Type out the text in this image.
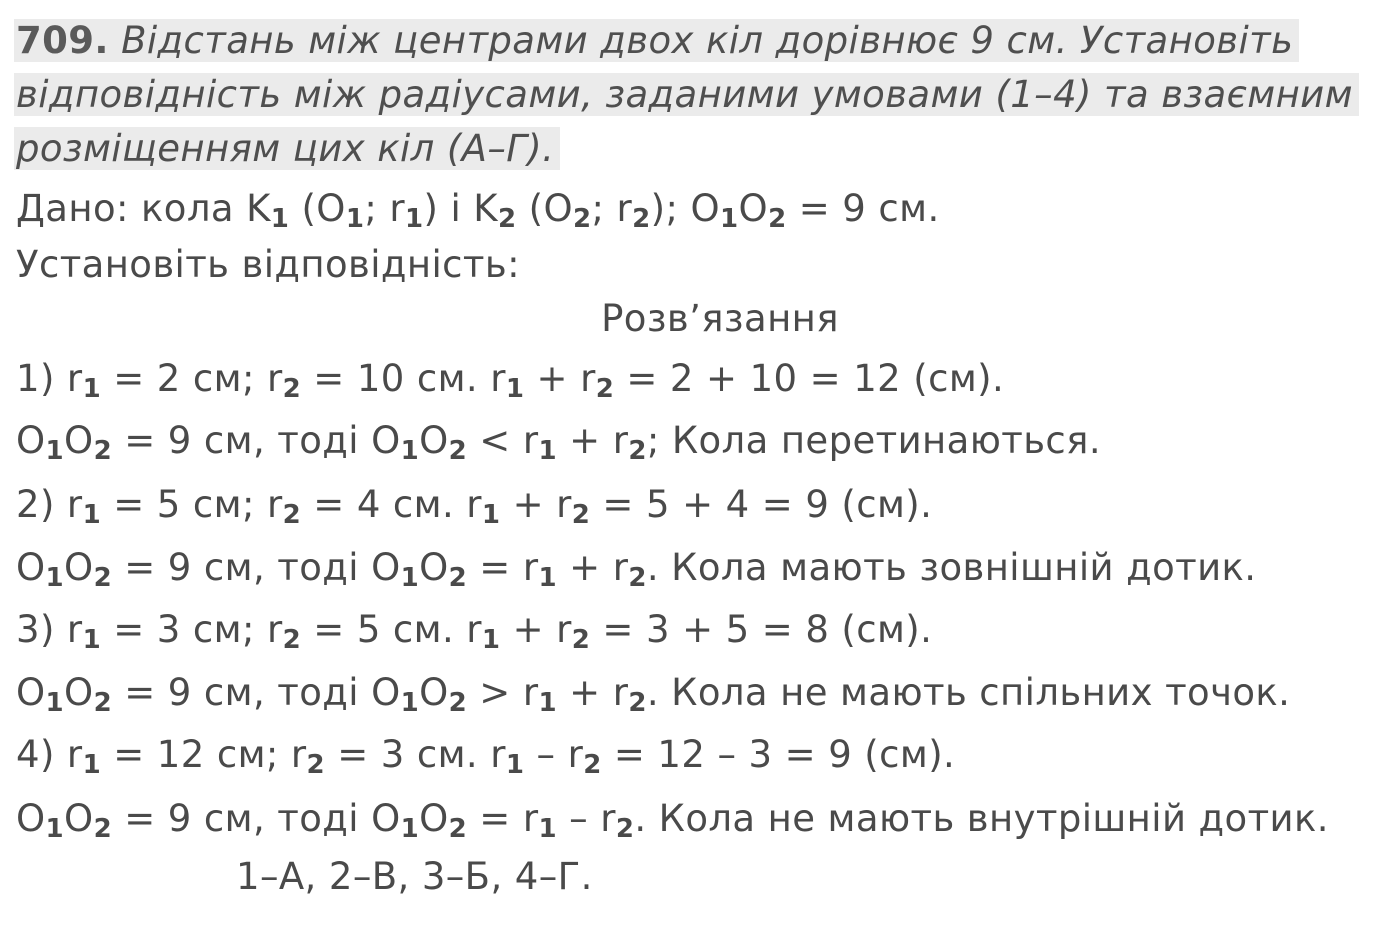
709. Відстань між центрами двох кіл дорівнює 9 см. Установіть
відповідність між радіусами, заданими умовами (1–4) та взаємним
розміщенням цих кіл (А–Г).
Дано: кола $K_1$ ($O_1$; $r_1$) і $K_2$ ($O_2$; $r_2$); $O_1O_2 = 9$ см.
Установіть відповідність:
Розв’язання
1) $r_1 = 2$ см; $r_2 = 10$ см. $r_1 + r_2 = 2 + 10 = 12$ (см).
$O_1O_2 = 9$ см, тоді $O_1O_2 < r_1 + r_2$; Кола перетинаються.
2) $r_1 = 5$ см; $r_2 = 4$ см. $r_1 + r_2 = 5 + 4 = 9$ (см).
$O_1O_2 = 9$ см, тоді $O_1O_2 = r_1 + r_2$. Кола мають зовнішній дотик.
3) $r_1 = 3$ см; $r_2 = 5$ см. $r_1 + r_2 = 3 + 5 = 8$ (см).
$O_1O_2 = 9$ см, тоді $O_1O_2 > r_1 + r_2$. Кола не мають спільних точок.
4) $r_1 = 12$ см; $r_2 = 3$ см. $r_1 - r_2 = 12 - 3 = 9$ (см).
$O_1O_2 = 9$ см, тоді $O_1O_2 = r_1 - r_2$. Кола не мають внутрішній дотик.
1–А, 2–В, 3–Б, 4–Г.
